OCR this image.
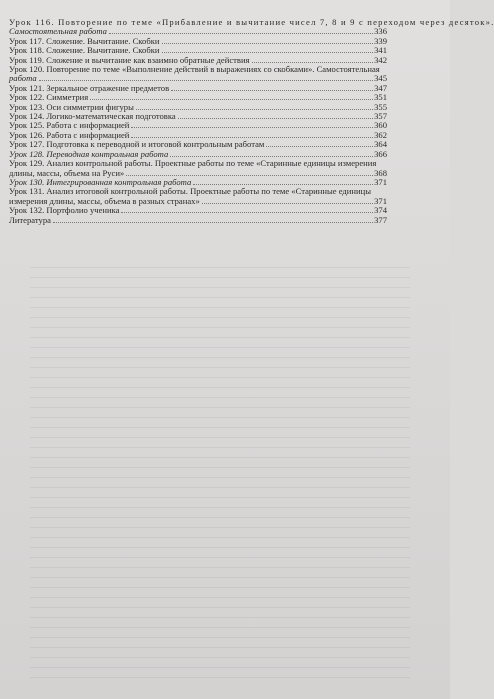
Урок 116. Повторение по теме «Прибавление и вычитание чисел 7, 8 и 9 с переходом через десяток».
Самостоятельная работа	336
Урок 117. Сложение. Вычитание. Скобки	339
Урок 118. Сложение. Вычитание. Скобки	341
Урок 119. Сложение и вычитание как взаимно обратные действия	342
Урок 120. Повторение по теме «Выполнение действий в выражениях со скобками». Самостоятельная
работа	345
Урок 121. Зеркальное отражение предметов	347
Урок 122. Симметрия	351
Урок 123. Оси симметрии фигуры	355
Урок 124. Логико-математическая подготовка	357
Урок 125. Работа с информацией	360
Урок 126. Работа с информацией	362
Урок 127. Подготовка к переводной и итоговой контрольным работам	364
Урок 128. Переводная контрольная работа	366
Урок 129. Анализ контрольной работы. Проектные работы по теме «Старинные единицы измерения
длины, массы, объема на Руси»	368
Урок 130. Интегрированная контрольная работа	371
Урок 131. Анализ итоговой контрольной работы. Проектные работы по теме «Старинные единицы
измерения длины, массы, объема в разных странах»	371
Урок 132. Портфолио ученика	374
Литература	377
